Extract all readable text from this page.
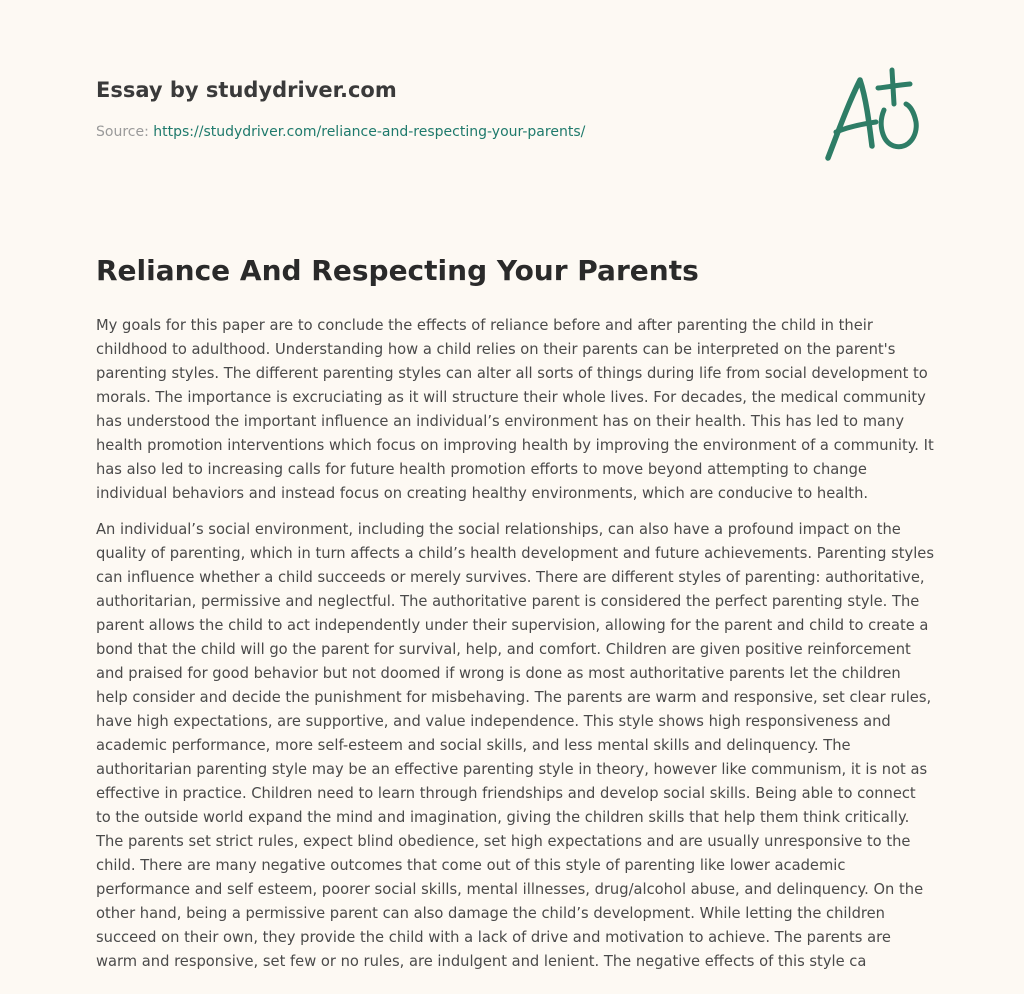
Essay by studydriver.com
Source: https://studydriver.com/reliance-and-respecting-your-parents/
Reliance And Respecting Your Parents

My goals for this paper are to conclude the effects of reliance before and after parenting the child in their childhood to adulthood. Understanding how a child relies on their parents can be interpreted on the parent's parenting styles. The different parenting styles can alter all sorts of things during life from social development to morals. The importance is excruciating as it will structure their whole lives. For decades, the medical community has understood the important influence an individual’s environment has on their health. This has led to many health promotion interventions which focus on improving health by improving the environment of a community. It has also led to increasing calls for future health promotion efforts to move beyond attempting to change individual behaviors and instead focus on creating healthy environments, which are conducive to health.

An individual’s social environment, including the social relationships, can also have a profound impact on the quality of parenting, which in turn affects a child’s health development and future achievements. Parenting styles can influence whether a child succeeds or merely survives. There are different styles of parenting: authoritative, authoritarian, permissive and neglectful. The authoritative parent is considered the perfect parenting style. The parent allows the child to act independently under their supervision, allowing for the parent and child to create a bond that the child will go the parent for survival, help, and comfort. Children are given positive reinforcement and praised for good behavior but not doomed if wrong is done as most authoritative parents let the children help consider and decide the punishment for misbehaving. The parents are warm and responsive, set clear rules, have high expectations, are supportive, and value independence. This style shows high responsiveness and academic performance, more self-esteem and social skills, and less mental skills and delinquency. The authoritarian parenting style may be an effective parenting style in theory, however like communism, it is not as effective in practice. Children need to learn through friendships and develop social skills. Being able to connect to the outside world expand the mind and imagination, giving the children skills that help them think critically. The parents set strict rules, expect blind obedience, set high expectations and are usually unresponsive to the child. There are many negative outcomes that come out of this style of parenting like lower academic performance and self esteem, poorer social skills, mental illnesses, drug/alcohol abuse, and delinquency. On the other hand, being a permissive parent can also damage the child’s development. While letting the children succeed on their own, they provide the child with a lack of drive and motivation to achieve. The parents are warm and responsive, set few or no rules, are indulgent and lenient. The negative effects of this style ca
